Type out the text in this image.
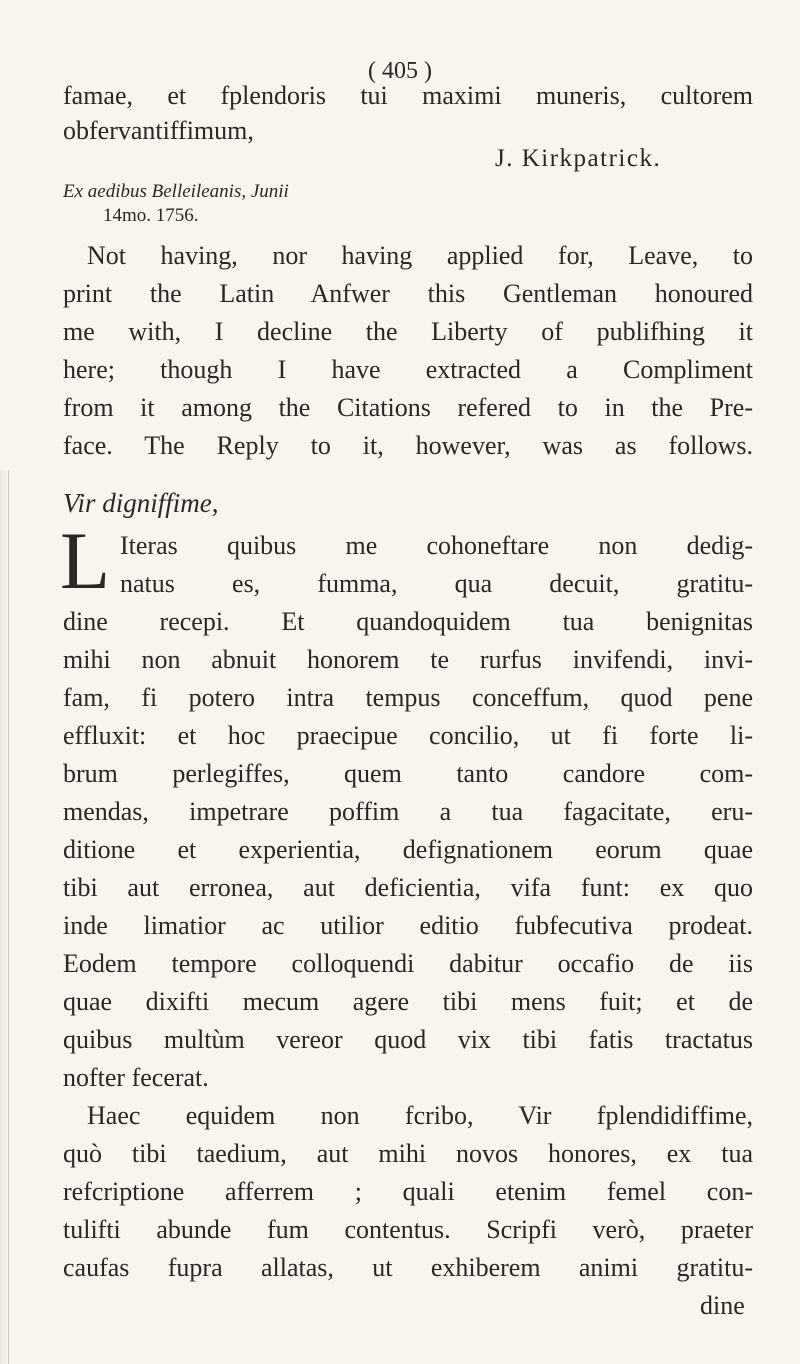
( 405 )
famae, et fplendoris tui maximi muneris, cultorem
obfervantiffimum,
J. Kirkpatrick.
Ex aedibus Belleileanis, Junii
14mo. 1756.
Not having, nor having applied for, Leave, to
print the Latin Anfwer this Gentleman honoured
me with, I decline the Liberty of publifhing it
here; though I have extracted a Compliment
from it among the Citations refered to in the Pre-
face. The Reply to it, however, was as follows.
Vir digniffime,
L Iteras quibus me cohoneftare non dedig-
natus es, fumma, qua decuit, gratitu-
dine recepi. Et quandoquidem tua benignitas
mihi non abnuit honorem te rurfus invifendi, invi-
fam, fi potero intra tempus conceffum, quod pene
effluxit: et hoc praecipue concilio, ut fi forte li-
brum perlegiffes, quem tanto candore com-
mendas, impetrare poffim a tua fagacitate, eru-
ditione et experientia, defignationem eorum quae
tibi aut erronea, aut deficientia, vifa funt: ex quo
inde limatior ac utilior editio fubfecutiva prodeat.
Eodem tempore colloquendi dabitur occafio de iis
quae dixifti mecum agere tibi mens fuit; et de
quibus multùm vereor quod vix tibi fatis tractatus
nofter fecerat.
Haec equidem non fcribo, Vir fplendidiffime,
quò tibi taedium, aut mihi novos honores, ex tua
refcriptione afferrem ; quali etenim femel con-
tulifti abunde fum contentus. Scripfi verò, praeter
caufas fupra allatas, ut exhiberem animi gratitu-
dine
